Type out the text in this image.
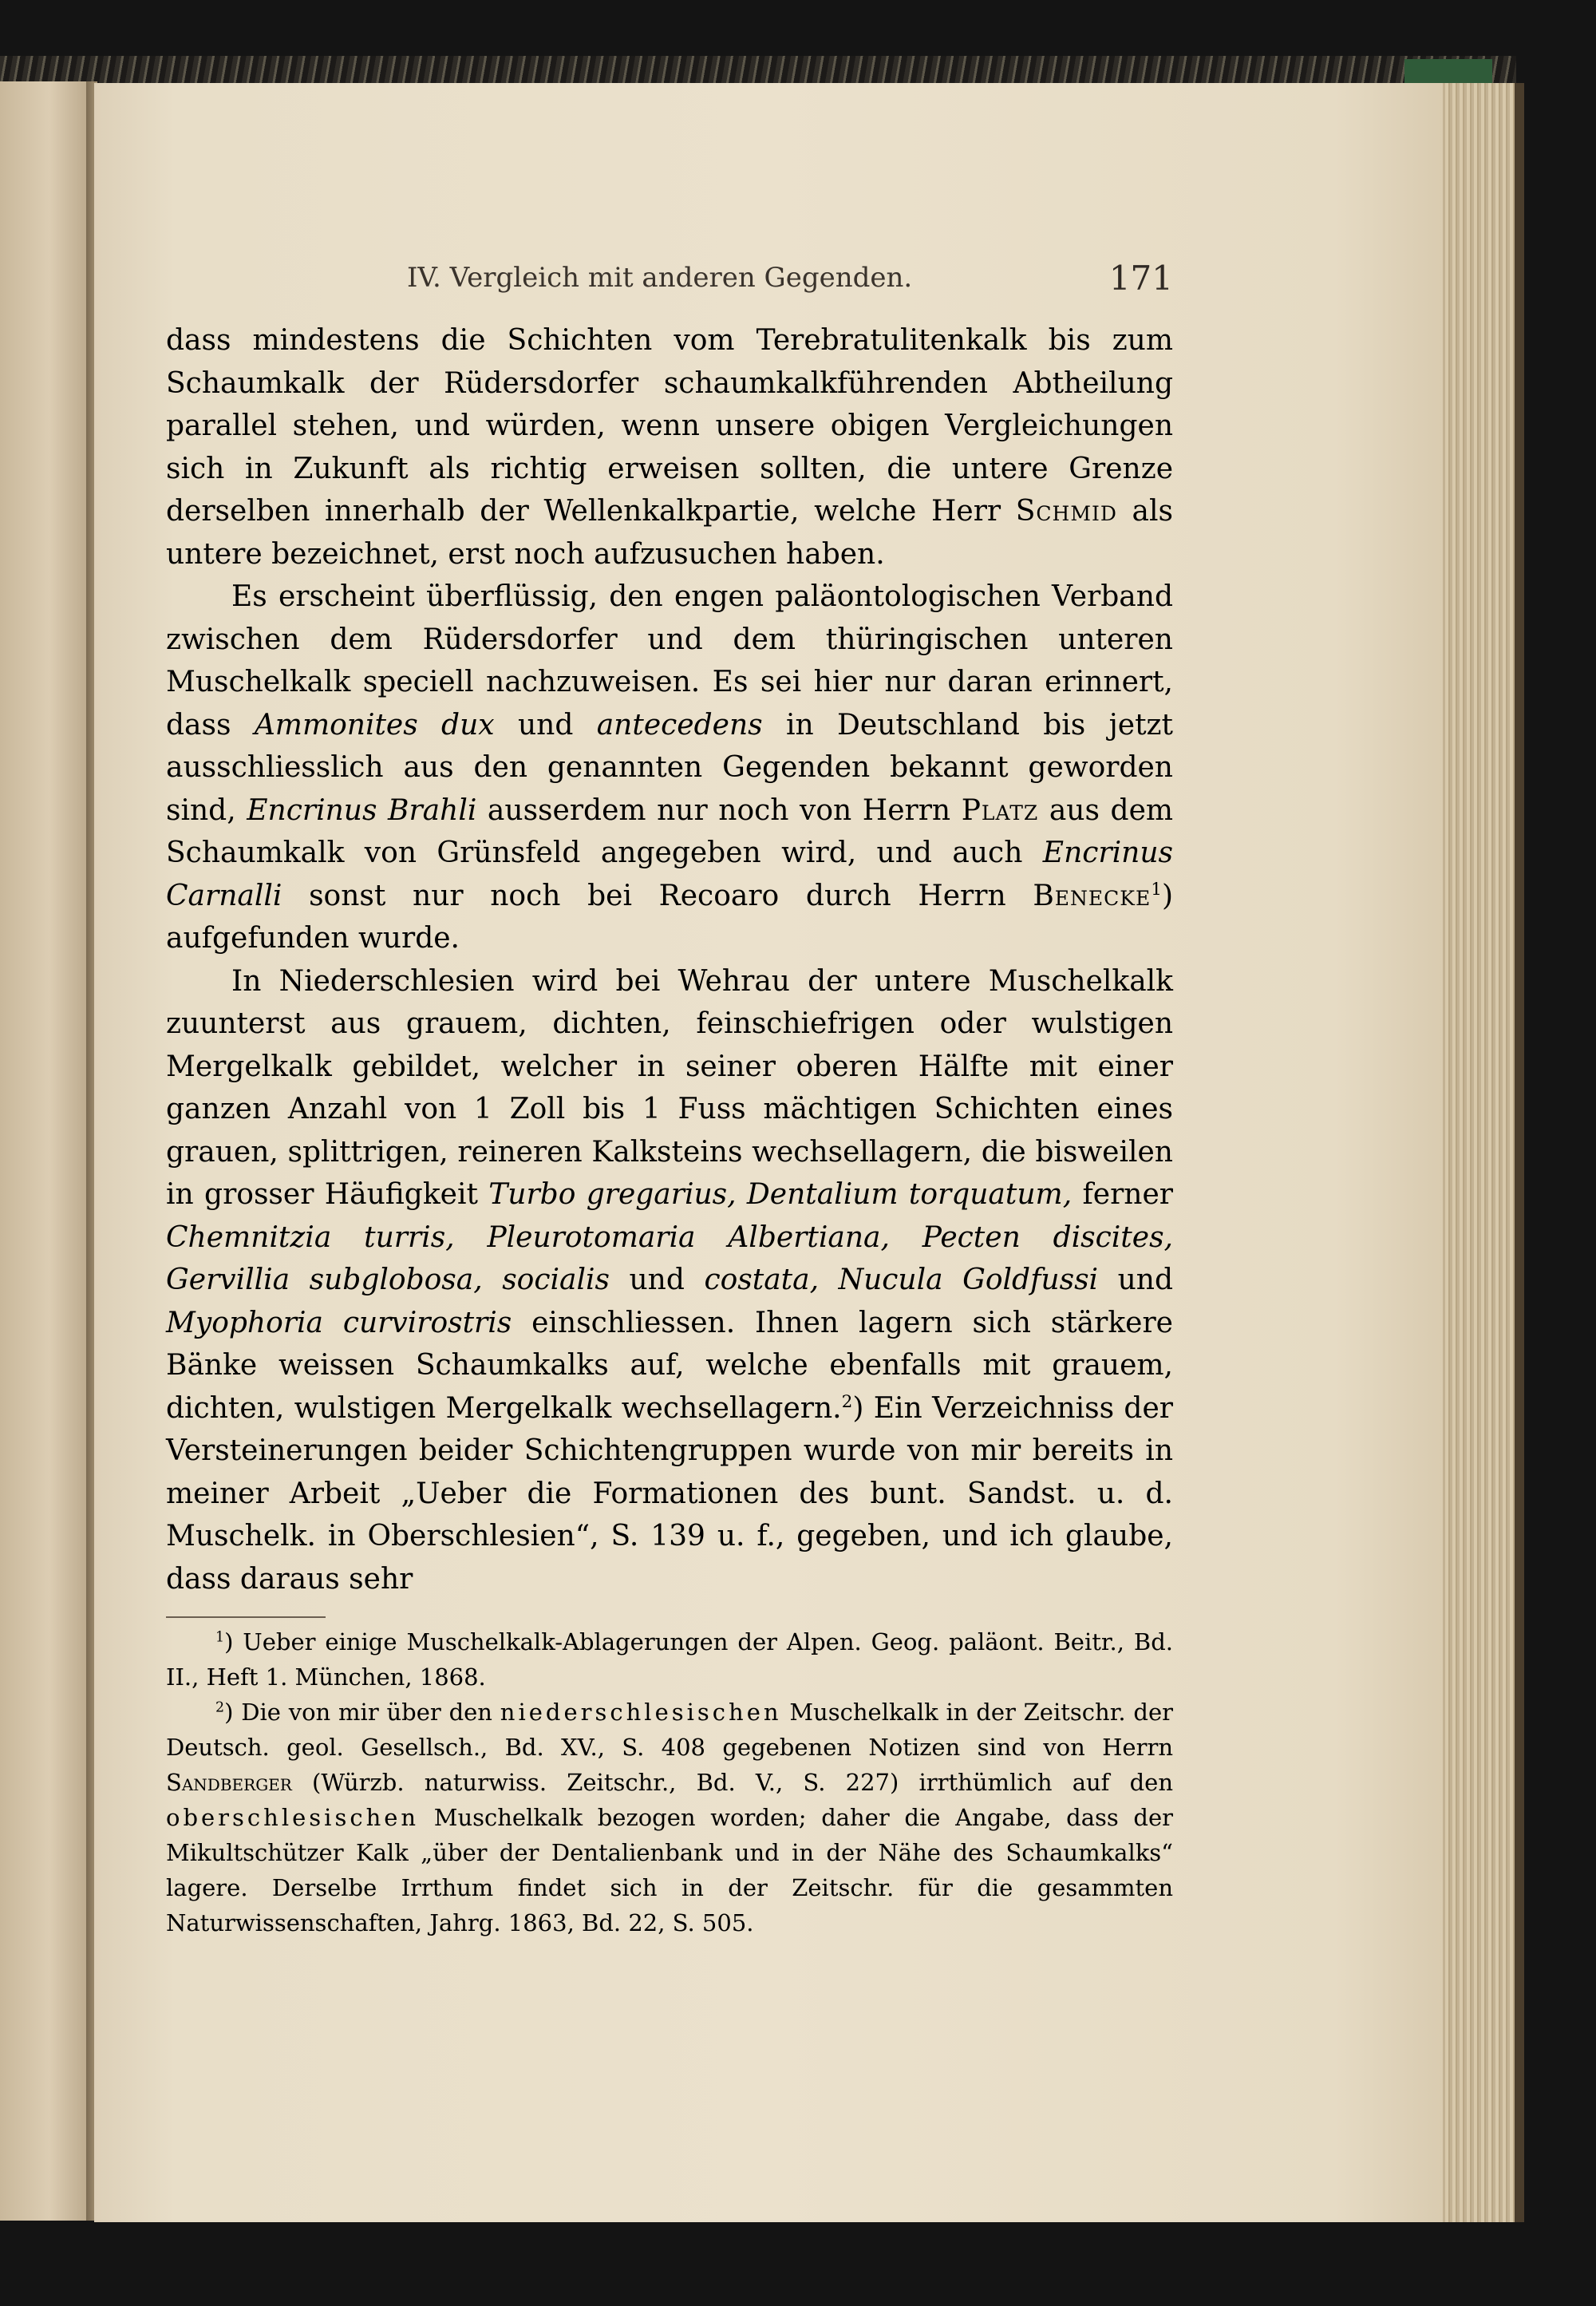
IV. Vergleich mit anderen Gegenden.	171

dass mindestens die Schichten vom Terebratulitenkalk bis zum Schaumkalk der Rüdersdorfer schaumkalkführenden Abtheilung parallel stehen, und würden, wenn unsere obigen Vergleichungen sich in Zukunft als richtig erweisen sollten, die untere Grenze derselben innerhalb der Wellenkalkpartie, welche Herr Schmid als untere bezeichnet, erst noch aufzusuchen haben.

Es erscheint überflüssig, den engen paläontologischen Verband zwischen dem Rüdersdorfer und dem thüringischen unteren Muschelkalk speciell nachzuweisen. Es sei hier nur daran erinnert, dass Ammonites dux und antecedens in Deutschland bis jetzt ausschliesslich aus den genannten Gegenden bekannt geworden sind, Encrinus Brahli ausserdem nur noch von Herrn Platz aus dem Schaumkalk von Grünsfeld angegeben wird, und auch Encrinus Carnalli sonst nur noch bei Recoaro durch Herrn Benecke$^1$) aufgefunden wurde.

In Niederschlesien wird bei Wehrau der untere Muschelkalk zuunterst aus grauem, dichten, feinschiefrigen oder wulstigen Mergelkalk gebildet, welcher in seiner oberen Hälfte mit einer ganzen Anzahl von 1 Zoll bis 1 Fuss mächtigen Schichten eines grauen, splittrigen, reineren Kalksteins wechsellagern, die bisweilen in grosser Häufigkeit Turbo gregarius, Dentalium torquatum, ferner Chemnitzia turris, Pleurotomaria Albertiana, Pecten discites, Gervillia subglobosa, socialis und costata, Nucula Goldfussi und Myophoria curvirostris einschliessen. Ihnen lagern sich stärkere Bänke weissen Schaumkalks auf, welche ebenfalls mit grauem, dichten, wulstigen Mergelkalk wechsellagern.$^2$) Ein Verzeichniss der Versteinerungen beider Schichtengruppen wurde von mir bereits in meiner Arbeit „Ueber die Formationen des bunt. Sandst. u. d. Muschelk. in Oberschlesien“, S. 139 u. f., gegeben, und ich glaube, dass daraus sehr

$^1$) Ueber einige Muschelkalk-Ablagerungen der Alpen. Geog. paläont. Beitr., Bd. II., Heft 1. München, 1868.

$^2$) Die von mir über den niederschlesischen Muschelkalk in der Zeitschr. der Deutsch. geol. Gesellsch., Bd. XV., S. 408 gegebenen Notizen sind von Herrn Sandberger (Würzb. naturwiss. Zeitschr., Bd. V., S. 227) irrthümlich auf den oberschlesischen Muschelkalk bezogen worden; daher die Angabe, dass der Mikultschützer Kalk „über der Dentalienbank und in der Nähe des Schaumkalks“ lagere. Derselbe Irrthum findet sich in der Zeitschr. für die gesammten Naturwissenschaften, Jahrg. 1863, Bd. 22, S. 505.
